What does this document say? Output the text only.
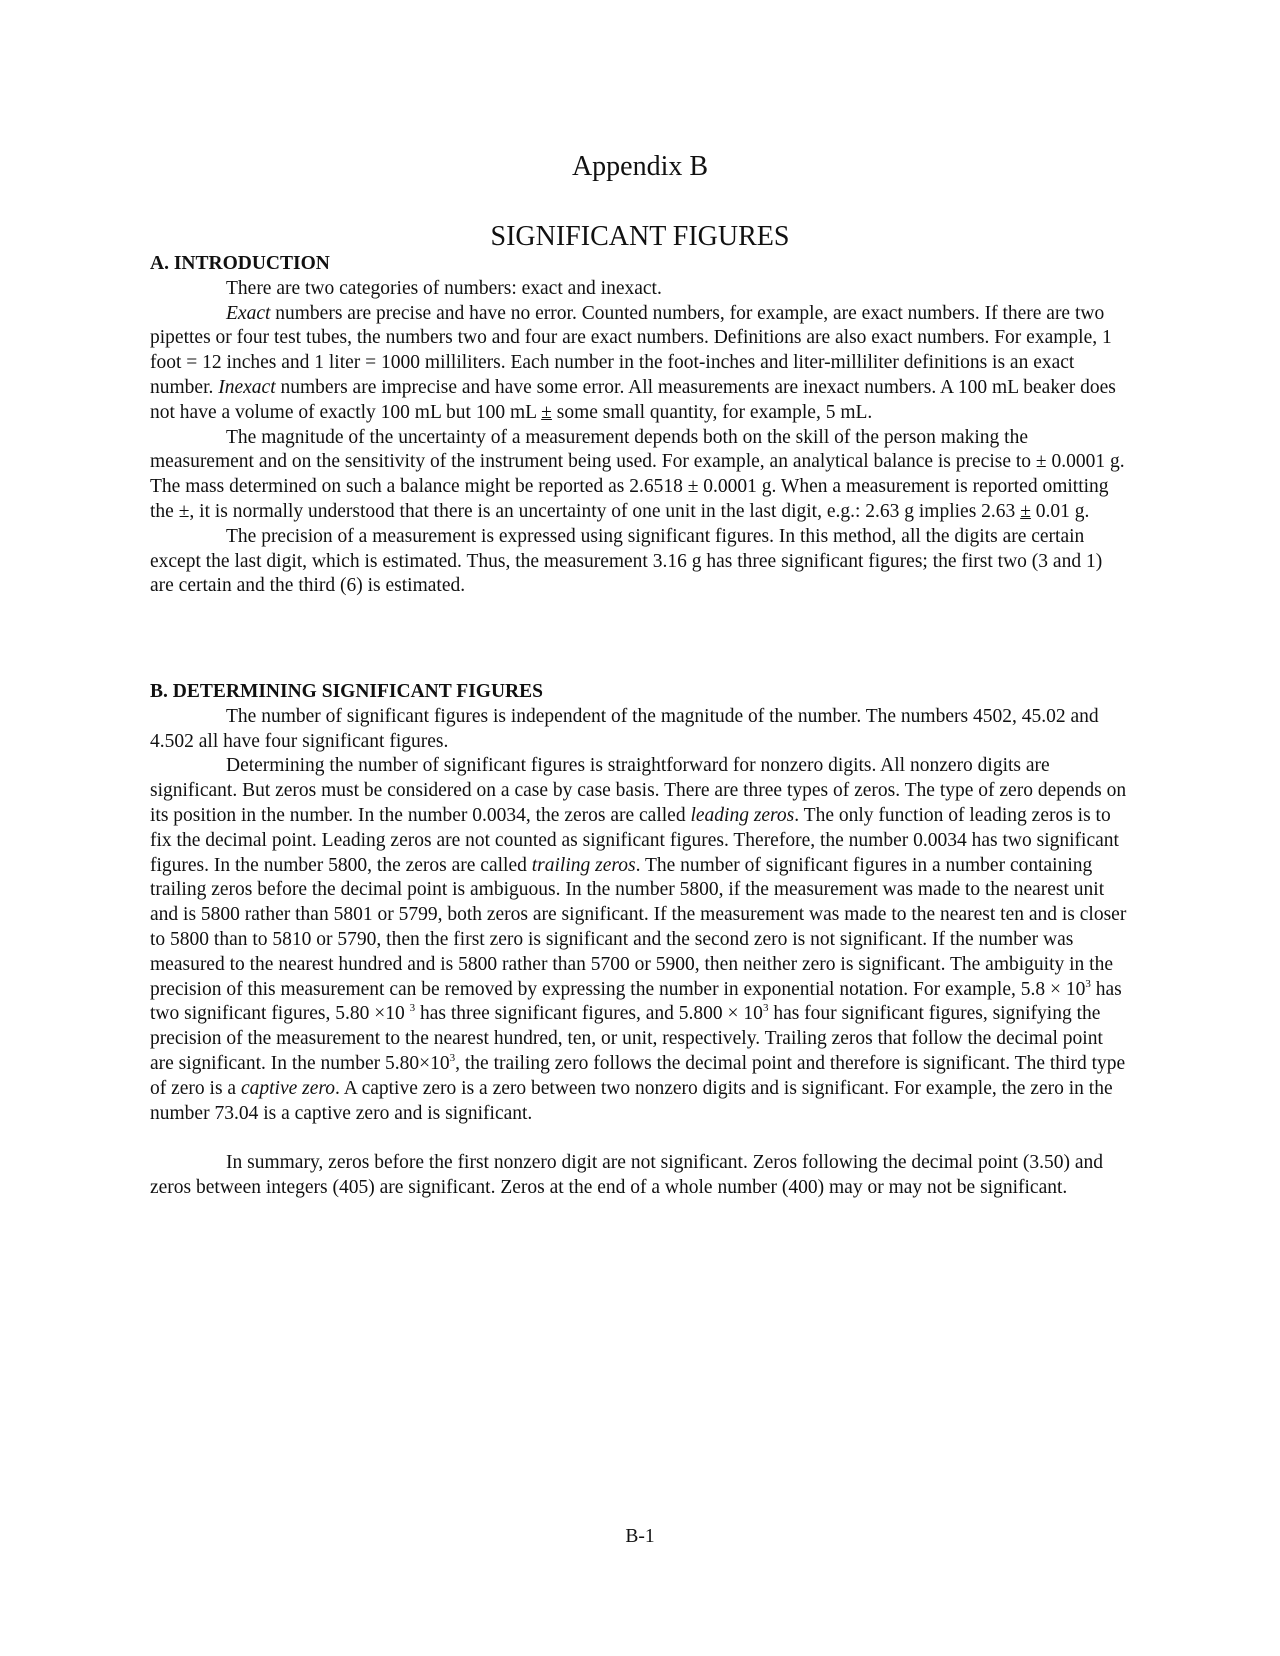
Appendix B
SIGNIFICANT FIGURES

A. INTRODUCTION

There are two categories of numbers: exact and inexact.

Exact numbers are precise and have no error. Counted numbers, for example, are exact numbers. If there are two pipettes or four test tubes, the numbers two and four are exact numbers. Definitions are also exact numbers. For example, 1 foot = 12 inches and 1 liter = 1000 milliliters. Each number in the foot-inches and liter-milliliter definitions is an exact number. Inexact numbers are imprecise and have some error. All measurements are inexact numbers. A 100 mL beaker does not have a volume of exactly 100 mL but 100 mL ± some small quantity, for example, 5 mL.

The magnitude of the uncertainty of a measurement depends both on the skill of the person making the measurement and on the sensitivity of the instrument being used. For example, an analytical balance is precise to ± 0.0001 g. The mass determined on such a balance might be reported as 2.6518 ± 0.0001 g. When a measurement is reported omitting the ±, it is normally understood that there is an uncertainty of one unit in the last digit, e.g.: 2.63 g implies 2.63 ± 0.01 g.

The precision of a measurement is expressed using significant figures. In this method, all the digits are certain except the last digit, which is estimated. Thus, the measurement 3.16 g has three significant figures; the first two (3 and 1) are certain and the third (6) is estimated.

B. DETERMINING SIGNIFICANT FIGURES

The number of significant figures is independent of the magnitude of the number. The numbers 4502, 45.02 and 4.502 all have four significant figures.

Determining the number of significant figures is straightforward for nonzero digits. All nonzero digits are significant. But zeros must be considered on a case by case basis. There are three types of zeros. The type of zero depends on its position in the number. In the number 0.0034, the zeros are called leading zeros. The only function of leading zeros is to fix the decimal point. Leading zeros are not counted as significant figures. Therefore, the number 0.0034 has two significant figures. In the number 5800, the zeros are called trailing zeros. The number of significant figures in a number containing trailing zeros before the decimal point is ambiguous. In the number 5800, if the measurement was made to the nearest unit and is 5800 rather than 5801 or 5799, both zeros are significant. If the measurement was made to the nearest ten and is closer to 5800 than to 5810 or 5790, then the first zero is significant and the second zero is not significant. If the number was measured to the nearest hundred and is 5800 rather than 5700 or 5900, then neither zero is significant. The ambiguity in the precision of this measurement can be removed by expressing the number in exponential notation. For example, $5.8 \times 10^3$ has two significant figures, 5.80 ×10 $^3$ has three significant figures, and $5.800 \times 10^3$ has four significant figures, signifying the precision of the measurement to the nearest hundred, ten, or unit, respectively. Trailing zeros that follow the decimal point are significant. In the number $5.80\times 10^3$, the trailing zero follows the decimal point and therefore is significant. The third type of zero is a captive zero. A captive zero is a zero between two nonzero digits and is significant. For example, the zero in the number 73.04 is a captive zero and is significant.

In summary, zeros before the first nonzero digit are not significant. Zeros following the decimal point (3.50) and zeros between integers (405) are significant. Zeros at the end of a whole number (400) may or may not be significant.

B-1
